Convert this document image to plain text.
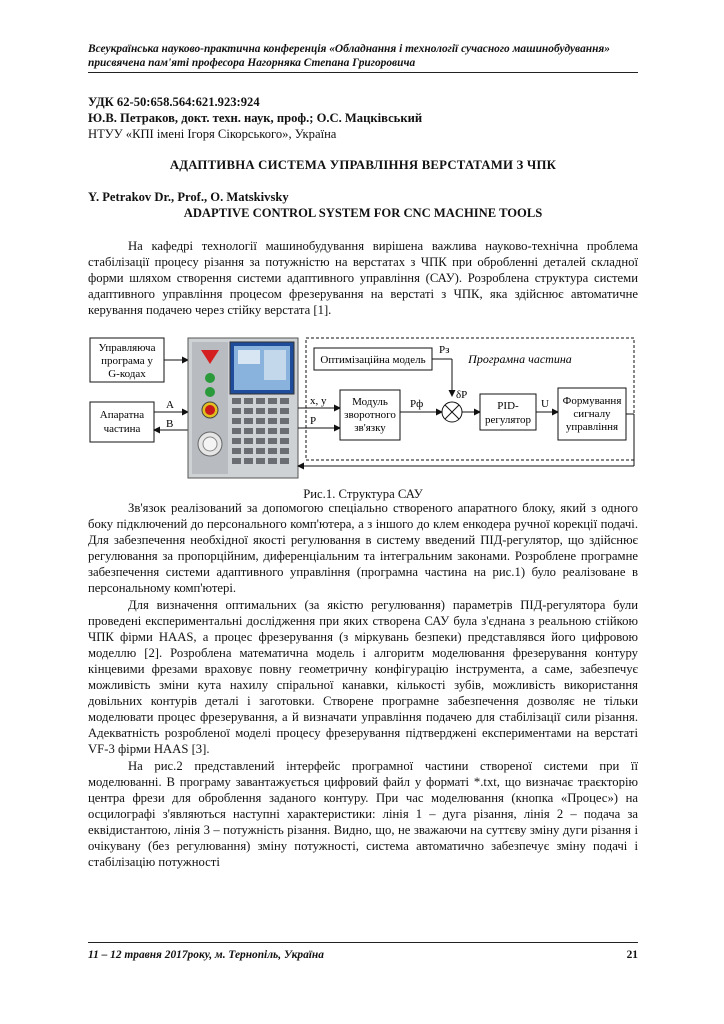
Всеукраїнська науково-практична конференція «Обладнання і технології сучасного машинобудування»
присвячена пам'яті професора Нагорняка Степана Григоровича
УДК 62-50:658.564:621.923:924
Ю.В. Петраков, докт. техн. наук, проф.; О.С. Мацківський
НТУУ «КПІ імені Ігоря Сікорського», Україна
АДАПТИВНА СИСТЕМА УПРАВЛІННЯ ВЕРСТАТАМИ З ЧПК
Y. Petrakov Dr., Prof., O. Matskivsky
ADAPTIVE CONTROL SYSTEM FOR CNC MACHINE TOOLS

На кафедрі технології машинобудування вирішена важлива науково-технічна проблема стабілізації процесу різання за потужністю на верстатах з ЧПК при обробленні деталей складної форми шляхом створення системи адаптивного управління (САУ). Розроблена структура системи адаптивного управління процесом фрезерування на верстаті з ЧПК, яка здійснює автоматичне керування подачею через стійку верстата [1].

Управляюча
програма у
G-кодах
Апаратна
частина
A
B
Оптимізаційна модель
Pз
Програмна частина
x, y
P
Модуль
зворотного
зв'язку
Pф
δP
PID-
регулятор
U Формування
сигналу
управління
Рис.1. Структура САУ

Зв'язок реалізований за допомогою спеціально створеного апаратного блоку, який з одного боку підключений до персонального комп'ютера, а з іншого до клем енкодера ручної корекції подачі. Для забезпечення необхідної якості регулювання в систему введений ПІД-регулятор, що здійснює регулювання за пропорційним, диференціальним та інтегральним законами. Розроблене програмне забезпечення системи адаптивного управління (програмна частина на рис.1) було реалізоване в персональному комп'ютері.

Для визначення оптимальних (за якістю регулювання) параметрів ПІД-регулятора були проведені експериментальні дослідження при яких створена САУ була з'єднана з реальною стійкою ЧПК фірми HAAS, а процес фрезерування (з міркувань безпеки) представлявся його цифровою моделлю [2]. Розроблена математична модель і алгоритм моделювання фрезерування контуру кінцевими фрезами враховує повну геометричну конфігурацію інструмента, а саме, забезпечує можливість зміни кута нахилу спіральної канавки, кількості зубів, можливість використання довільних контурів деталі і заготовки. Створене програмне забезпечення дозволяє не тільки моделювати процес фрезерування, а й визначати управління подачею для стабілізації сили різання. Адекватність розробленої моделі процесу фрезерування підтверджені експериментами на верстаті VF-3 фірми HAAS [3].

На рис.2 представлений інтерфейс програмної частини створеної системи при її моделюванні. В програму завантажується цифровий файл у форматі *.txt, що визначає траєкторію центра фрези для оброблення заданого контуру. При час моделювання (кнопка «Процес») на осцилографі з'являються наступні характеристики: лінія 1 – дуга різання, лінія 2 – подача за еквідистантою, лінія 3 – потужність різання. Видно, що, не зважаючи на суттєву зміну дуги різання і очікувану (без регулювання) зміну потужності, система автоматично забезпечує зміну подачі і стабілізацію потужності

11 – 12 травня 2017року, м. Тернопіль, Україна	21
